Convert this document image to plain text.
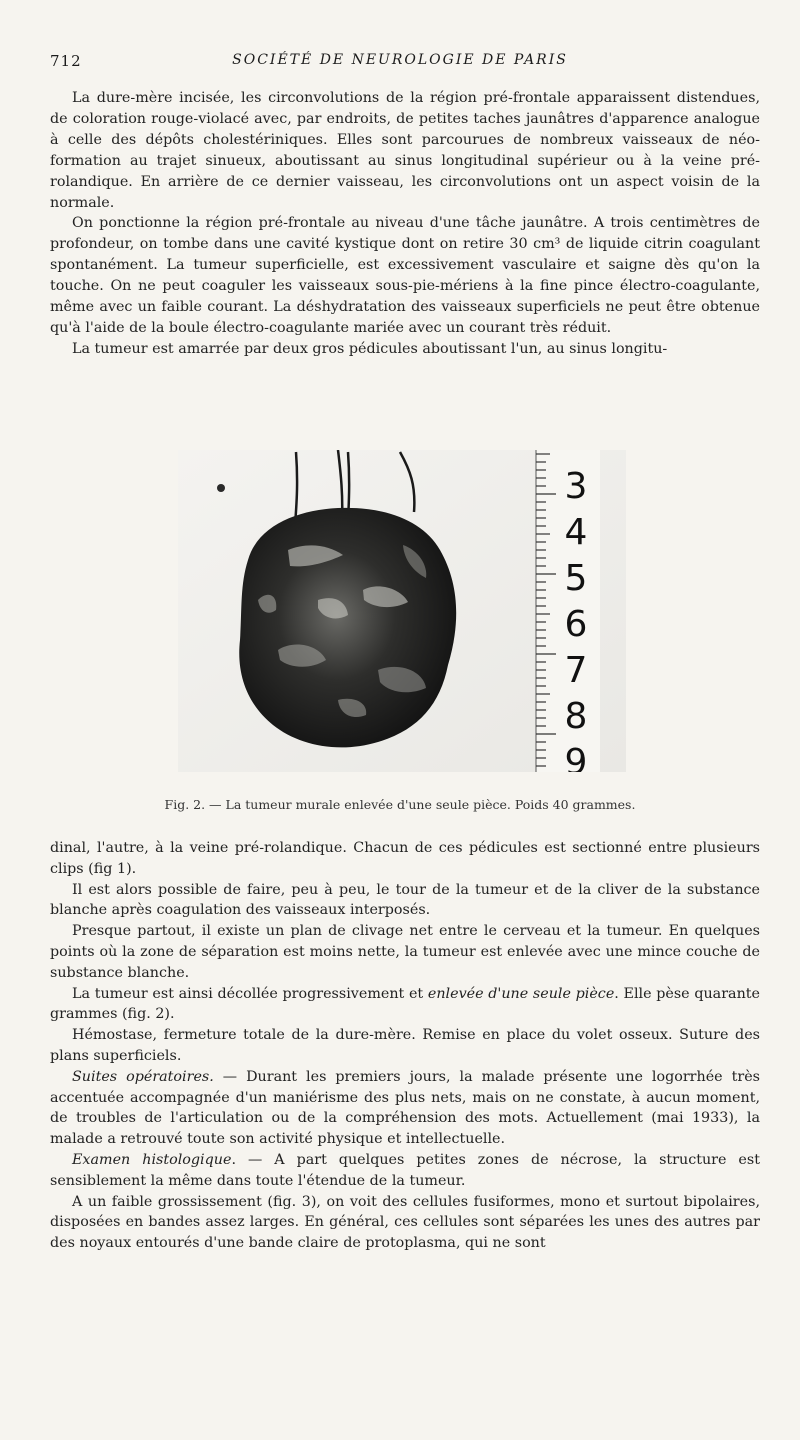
712	SOCIÉTÉ DE NEUROLOGIE DE PARIS

La dure-mère incisée, les circonvolutions de la région pré-frontale apparaissent distendues, de coloration rouge-violacé avec, par endroits, de petites taches jaunâtres d'apparence analogue à celle des dépôts cholestériniques. Elles sont parcourues de nombreux vaisseaux de néo-formation au trajet sinueux, aboutissant au sinus longitudinal supérieur ou à la veine pré-rolandique. En arrière de ce dernier vaisseau, les circonvolutions ont un aspect voisin de la normale.

On ponctionne la région pré-frontale au niveau d'une tâche jaunâtre. A trois centimètres de profondeur, on tombe dans une cavité kystique dont on retire 30 cm³ de liquide citrin coagulant spontanément. La tumeur superficielle, est excessivement vasculaire et saigne dès qu'on la touche. On ne peut coaguler les vaisseaux sous-pie-mériens à la fine pince électro-coagulante, même avec un faible courant. La déshydratation des vaisseaux superficiels ne peut être obtenue qu'à l'aide de la boule électro-coagulante mariée avec un courant très réduit.

La tumeur est amarrée par deux gros pédicules aboutissant l'un, au sinus longitu-

3
4
5
6
7
8
9
Fig. 2. — La tumeur murale enlevée d'une seule pièce. Poids 40 grammes.

dinal, l'autre, à la veine pré-rolandique. Chacun de ces pédicules est sectionné entre plusieurs clips (fig 1).

Il est alors possible de faire, peu à peu, le tour de la tumeur et de la cliver de la substance blanche après coagulation des vaisseaux interposés.

Presque partout, il existe un plan de clivage net entre le cerveau et la tumeur. En quelques points où la zone de séparation est moins nette, la tumeur est enlevée avec une mince couche de substance blanche.

La tumeur est ainsi décollée progressivement et enlevée d'une seule pièce. Elle pèse quarante grammes (fig. 2).

Hémostase, fermeture totale de la dure-mère. Remise en place du volet osseux. Suture des plans superficiels.

Suites opératoires. — Durant les premiers jours, la malade présente une logorrhée très accentuée accompagnée d'un maniérisme des plus nets, mais on ne constate, à aucun moment, de troubles de l'articulation ou de la compréhension des mots. Actuellement (mai 1933), la malade a retrouvé toute son activité physique et intellectuelle.

Examen histologique. — A part quelques petites zones de nécrose, la structure est sensiblement la même dans toute l'étendue de la tumeur.

A un faible grossissement (fig. 3), on voit des cellules fusiformes, mono et surtout bipolaires, disposées en bandes assez larges. En général, ces cellules sont séparées les unes des autres par des noyaux entourés d'une bande claire de protoplasma, qui ne sont
